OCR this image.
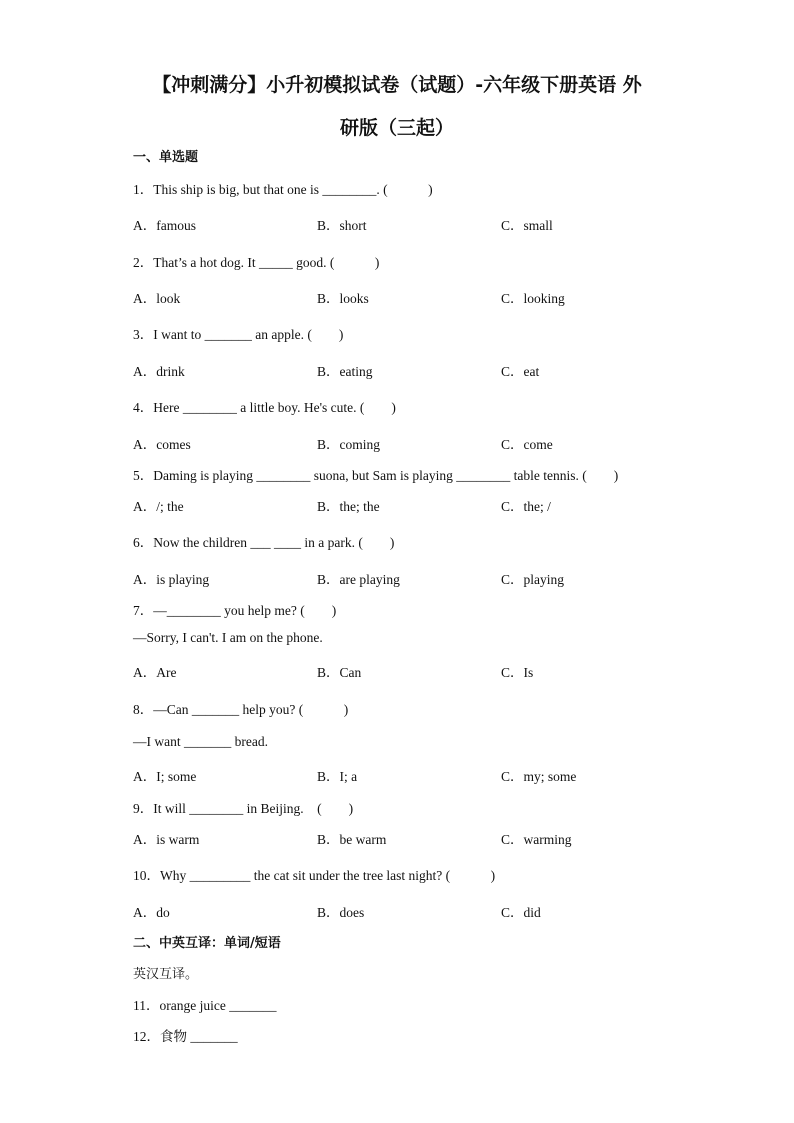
【冲刺满分】小升初模拟试卷（试题）-六年级下册英语 外
研版（三起）
一、单选题
1．This ship is big, but that one is ________. (　　　)
A．famous	B．short	C．small
2．That’s a hot dog. It _____ good. (　　　)
A．look	B．looks	C．looking
3．I want to _______ an apple. (　　)
A．drink	B．eating	C．eat
4．Here ________ a little boy. He's cute. (　　)
A．comes	B．coming	C．come
5．Daming is playing ________ suona, but Sam is playing ________ table tennis. (　　)
A．/; the	B．the; the	C．the; /
6．Now the children ___ ____ in a park. (　　)
A．is playing	B．are playing	C．playing
7．—________ you help me? (　　)
—Sorry, I can't. I am on the phone.
A．Are	B．Can	C．Is
8．—Can _______ help you? (　　　)
—I want _______ bread.
A．I; some	B．I; a	C．my; some
9．It will ________ in Beijing.　(　　)
A．is warm	B．be warm	C．warming
10．Why _________ the cat sit under the tree last night? (　　　)
A．do	B．does	C．did
二、中英互译：单词/短语
英汉互译。
11．orange juice _______
12．食物 _______
